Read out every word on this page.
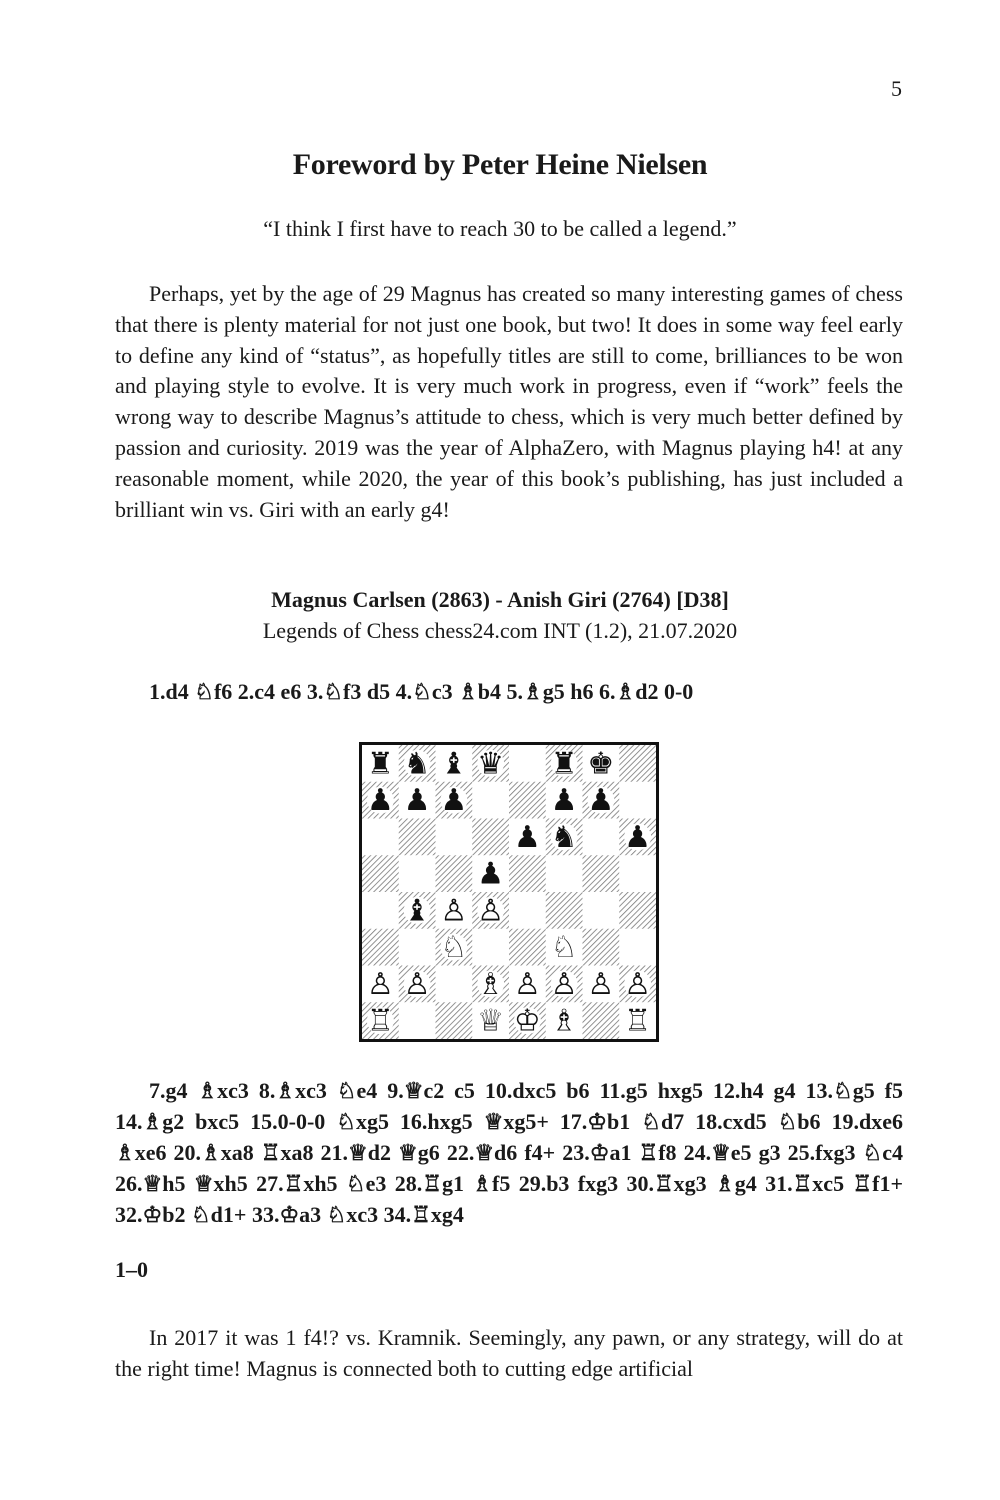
5
Foreword by Peter Heine Nielsen
“I think I first have to reach 30 to be called a legend.”

Perhaps, yet by the age of 29 Magnus has created so many interesting games of chess that there is plenty material for not just one book, but two! It does in some way feel early to define any kind of “status”, as hopefully titles are still to come, brilliances to be won and playing style to evolve. It is very much work in progress, even if “work” feels the wrong way to describe Magnus’s attitude to chess, which is very much better defined by passion and curiosity. 2019 was the year of AlphaZero, with Magnus playing h4! at any reasonable moment, while 2020, the year of this book’s publishing, has just included a brilliant win vs. Giri with an early g4!

Magnus Carlsen (2863) - Anish Giri (2764) [D38]
Legends of Chess chess24.com INT (1.2), 21.07.2020

1.d4 ♘f6 2.c4 e6 3.♘f3 d5 4.♘c3 ♗b4 5.♗g5 h6 6.♗d2 0-0

♜ ♞ ♝ ♛ ♜ ♚
♟ ♟ ♟	♟ ♟
♟ ♞ ♟
♟
♝ ♙ ♙
♘	♘
♙ ♙ ♗ ♙ ♙ ♙ ♙
♖	♕ ♔ ♗ ♖

7.g4 ♗xc3 8.♗xc3 ♘e4 9.♕c2 c5 10.dxc5 b6 11.g5 hxg5 12.h4 g4 13.♘g5 f5 14.♗g2 bxc5 15.0-0-0 ♘xg5 16.hxg5 ♕xg5+ 17.♔b1 ♘d7 18.cxd5 ♘b6 19.dxe6 ♗xe6 20.♗xa8 ♖xa8 21.♕d2 ♕g6 22.♕d6 f4+ 23.♔a1 ♖f8 24.♕e5 g3 25.fxg3 ♘c4 26.♕h5 ♕xh5 27.♖xh5 ♘e3 28.♖g1 ♗f5 29.b3 fxg3 30.♖xg3 ♗g4 31.♖xc5 ♖f1+ 32.♔b2 ♘d1+ 33.♔a3 ♘xc3 34.♖xg4

1–0

In 2017 it was 1 f4!? vs. Kramnik. Seemingly, any pawn, or any strategy, will do at the right time! Magnus is connected both to cutting edge artificial
